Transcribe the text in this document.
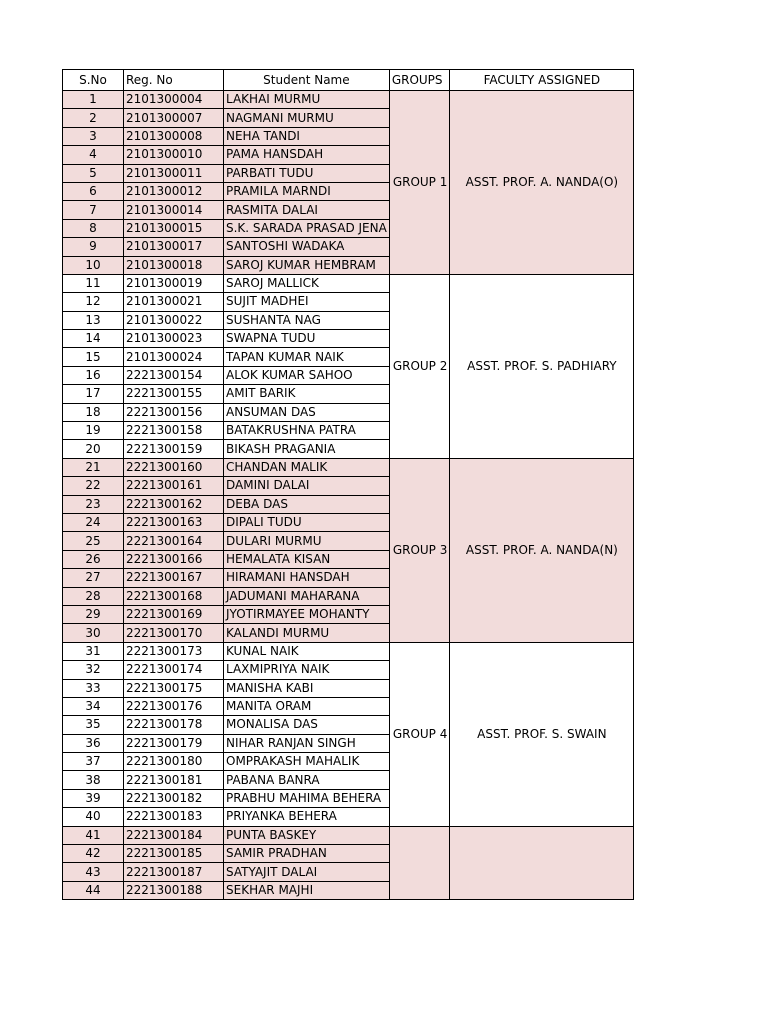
S.No	Reg. No	Student Name	GROUPS	FACULTY ASSIGNED
1	2101300004	LAKHAI MURMU	GROUP 1	ASST. PROF. A. NANDA(O)
2	2101300007	NAGMANI MURMU		
3	2101300008	NEHA TANDI		
4	2101300010	PAMA HANSDAH		
5	2101300011	PARBATI TUDU		
6	2101300012	PRAMILA MARNDI		
7	2101300014	RASMITA DALAI		
8	2101300015	S.K. SARADA PRASAD JENA		
9	2101300017	SANTOSHI WADAKA		
10	2101300018	SAROJ KUMAR HEMBRAM		
11	2101300019	SAROJ MALLICK	GROUP 2	ASST. PROF. S. PADHIARY
12	2101300021	SUJIT MADHEI		
13	2101300022	SUSHANTA NAG		
14	2101300023	SWAPNA TUDU		
15	2101300024	TAPAN KUMAR NAIK		
16	2221300154	ALOK KUMAR SAHOO		
17	2221300155	AMIT BARIK		
18	2221300156	ANSUMAN DAS		
19	2221300158	BATAKRUSHNA PATRA		
20	2221300159	BIKASH PRAGANIA		
21	2221300160	CHANDAN MALIK	GROUP 3	ASST. PROF. A. NANDA(N)
22	2221300161	DAMINI DALAI		
23	2221300162	DEBA DAS		
24	2221300163	DIPALI TUDU		
25	2221300164	DULARI MURMU		
26	2221300166	HEMALATA KISAN		
27	2221300167	HIRAMANI HANSDAH		
28	2221300168	JADUMANI MAHARANA		
29	2221300169	JYOTIRMAYEE MOHANTY		
30	2221300170	KALANDI MURMU		
31	2221300173	KUNAL NAIK	GROUP 4	ASST. PROF. S. SWAIN
32	2221300174	LAXMIPRIYA NAIK		
33	2221300175	MANISHA KABI		
34	2221300176	MANITA ORAM		
35	2221300178	MONALISA DAS		
36	2221300179	NIHAR RANJAN SINGH		
37	2221300180	OMPRAKASH MAHALIK		
38	2221300181	PABANA BANRA		
39	2221300182	PRABHU MAHIMA BEHERA		
40	2221300183	PRIYANKA BEHERA		
41	2221300184	PUNTA BASKEY		
42	2221300185	SAMIR PRADHAN		
43	2221300187	SATYAJIT DALAI		
44	2221300188	SEKHAR MAJHI		
